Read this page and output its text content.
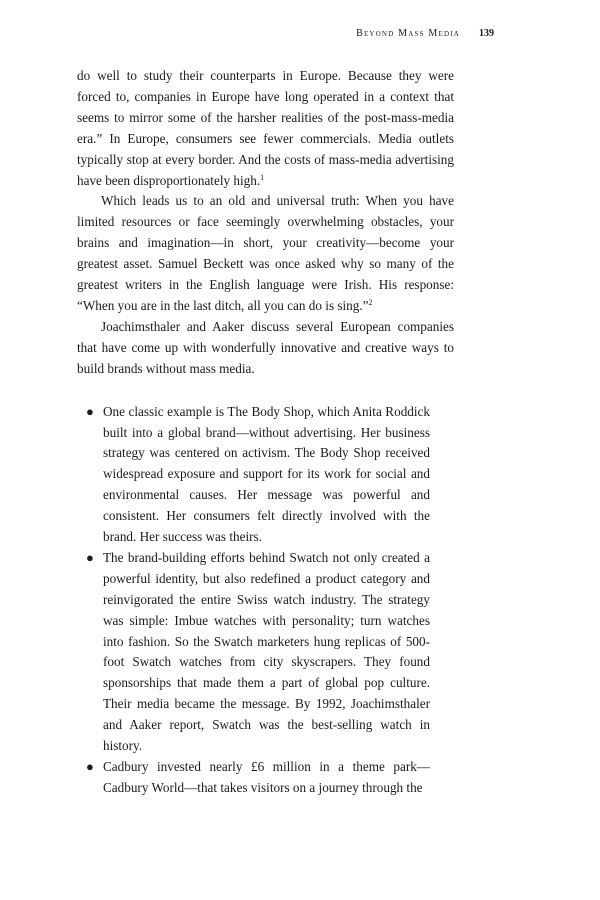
Beyond Mass Media 139

do well to study their counterparts in Europe. Because they were forced to, companies in Europe have long operated in a context that seems to mirror some of the harsher realities of the post-mass-media era.” In Europe, consumers see fewer commercials. Media outlets typically stop at every border. And the costs of mass-media advertising have been disproportionately high.$^1$

Which leads us to an old and universal truth: When you have limited resources or face seemingly overwhelming obstacles, your brains and imagination—in short, your creativity—become your greatest asset. Samuel Beckett was once asked why so many of the greatest writers in the English language were Irish. His response: “When you are in the last ditch, all you can do is sing.”$^2$

Joachimsthaler and Aaker discuss several European companies that have come up with wonderfully innovative and creative ways to build brands without mass media.

● One classic example is The Body Shop, which Anita Roddick built into a global brand—without advertising. Her business strategy was centered on activism. The Body Shop received widespread exposure and support for its work for social and environmental causes. Her message was powerful and consistent. Her consumers felt directly involved with the brand. Her success was theirs.
● The brand-building efforts behind Swatch not only created a powerful identity, but also redefined a product category and reinvigorated the entire Swiss watch industry. The strategy was simple: Imbue watches with personality; turn watches into fashion. So the Swatch marketers hung replicas of 500-foot Swatch watches from city skyscrapers. They found sponsorships that made them a part of global pop culture. Their media became the message. By 1992, Joachimsthaler and Aaker report, Swatch was the best-selling watch in history.
● Cadbury invested nearly £6 million in a theme park—Cadbury World—that takes visitors on a journey through the
